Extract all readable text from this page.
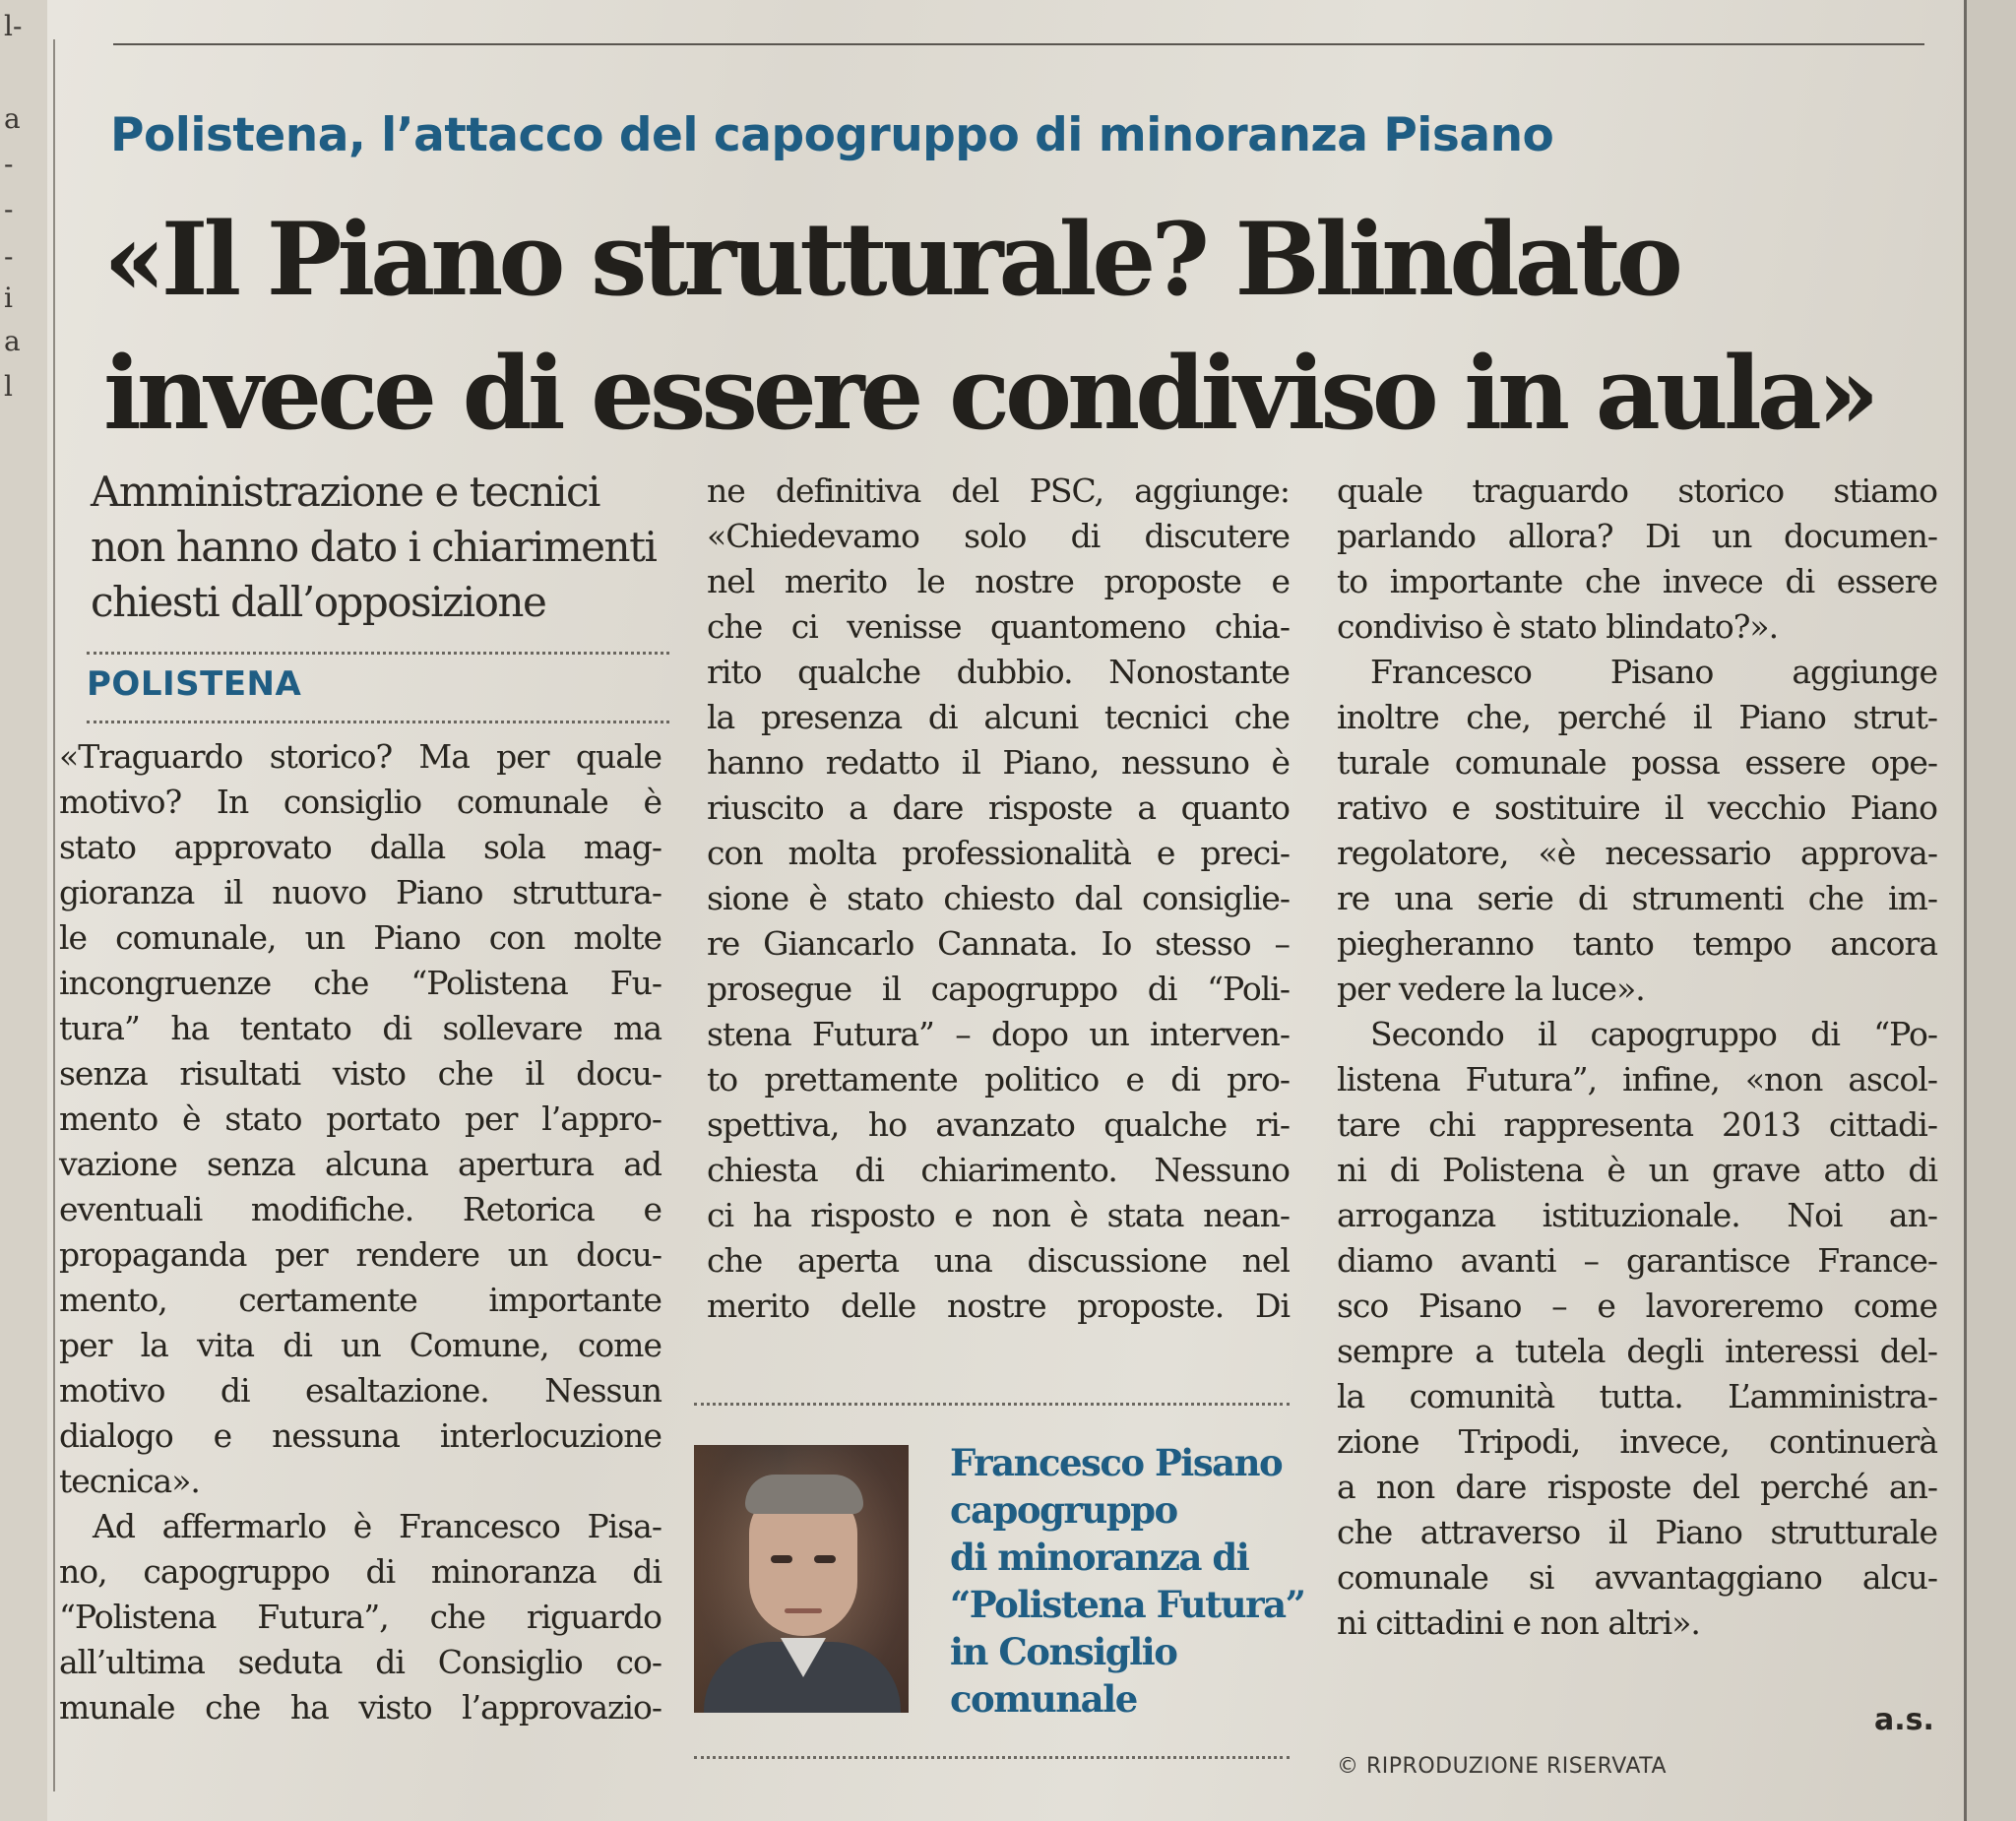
l-
a
-
-
-
i
a
l
Polistena, l’attacco del capogruppo di minoranza Pisano
«Il Piano strutturale? Blindato
invece di essere condiviso in aula»
Amministrazione e tecnici
non hanno dato i chiarimenti
chiesti dall’opposizione
POLISTENA

«Traguardo storico? Ma per quale
motivo? In consiglio comunale è
stato approvato dalla sola mag-
gioranza il nuovo Piano struttura-
le comunale, un Piano con molte
incongruenze che “Polistena Fu-
tura” ha tentato di sollevare ma
senza risultati visto che il docu-
mento è stato portato per l’appro-
vazione senza alcuna apertura ad
eventuali modifiche. Retorica e
propaganda per rendere un docu-
mento, certamente importante
per la vita di un Comune, come
motivo di esaltazione. Nessun
dialogo e nessuna interlocuzione
tecnica».

Ad affermarlo è Francesco Pisa-
no, capogruppo di minoranza di
“Polistena Futura”, che riguardo
all’ultima seduta di Consiglio co-
munale che ha visto l’approvazio-

ne definitiva del PSC, aggiunge:
«Chiedevamo solo di discutere
nel merito le nostre proposte e
che ci venisse quantomeno chia-
rito qualche dubbio. Nonostante
la presenza di alcuni tecnici che
hanno redatto il Piano, nessuno è
riuscito a dare risposte a quanto
con molta professionalità e preci-
sione è stato chiesto dal consiglie-
re Giancarlo Cannata. Io stesso –
prosegue il capogruppo di “Poli-
stena Futura” – dopo un interven-
to prettamente politico e di pro-
spettiva, ho avanzato qualche ri-
chiesta di chiarimento. Nessuno
ci ha risposto e non è stata nean-
che aperta una discussione nel
merito delle nostre proposte. Di

Francesco Pisano
capogruppo
di minoranza di
“Polistena Futura”
in Consiglio
comunale

quale traguardo storico stiamo
parlando allora? Di un documen-
to importante che invece di essere
condiviso è stato blindato?».

Francesco Pisano aggiunge
inoltre che, perché il Piano strut-
turale comunale possa essere ope-
rativo e sostituire il vecchio Piano
regolatore, «è necessario approva-
re una serie di strumenti che im-
piegheranno tanto tempo ancora
per vedere la luce».

Secondo il capogruppo di “Po-
listena Futura”, infine, «non ascol-
tare chi rappresenta 2013 cittadi-
ni di Polistena è un grave atto di
arroganza istituzionale. Noi an-
diamo avanti – garantisce France-
sco Pisano – e lavoreremo come
sempre a tutela degli interessi del-
la comunità tutta. L’amministra-
zione Tripodi, invece, continuerà
a non dare risposte del perché an-
che attraverso il Piano strutturale
comunale si avvantaggiano alcu-
ni cittadini e non altri».

a.s.
© RIPRODUZIONE RISERVATA
